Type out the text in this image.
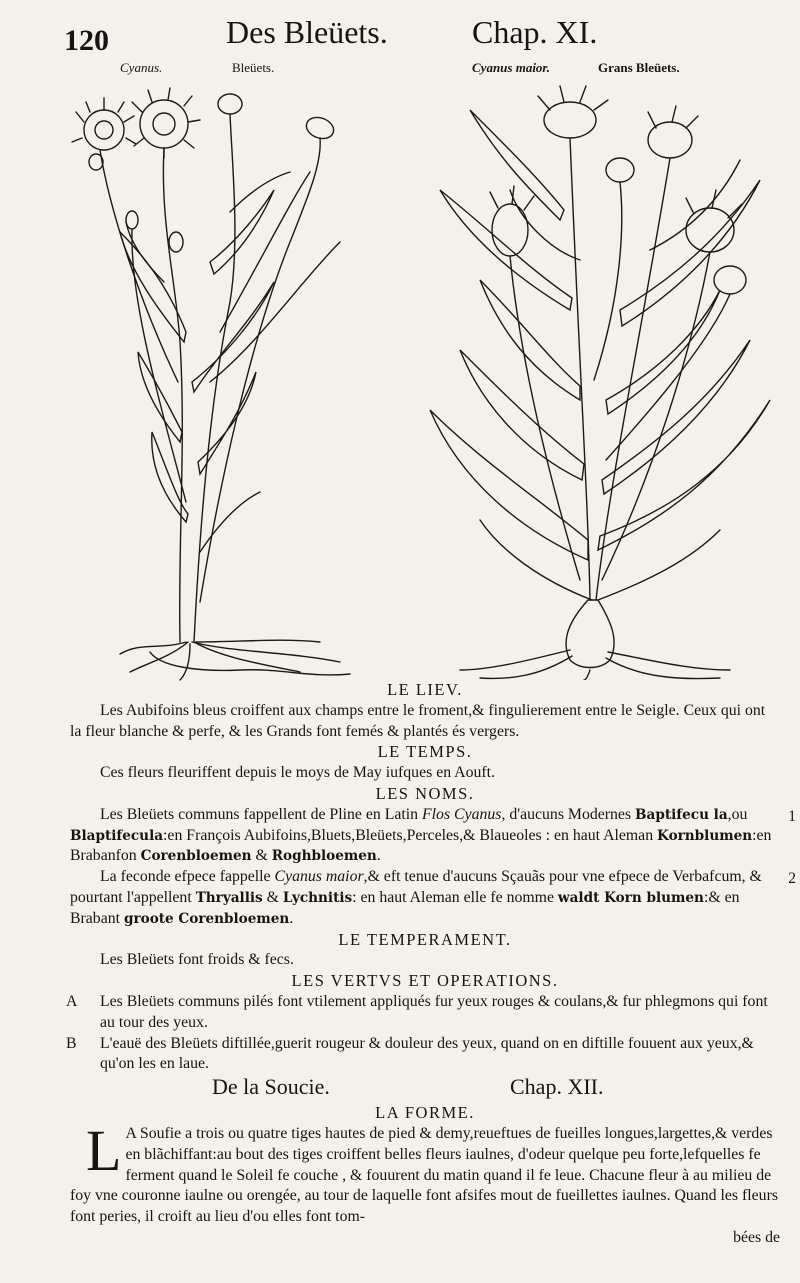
120	Des Bleüets.	Chap. XI.
Cyanus.	Bleüets.	Cyanus maior.	Grans Bleüets.

LE LIEV.

Les Aubifoins bleus croiffent aux champs entre le froment,& fingulierement entre le Seigle. Ceux qui ont la fleur blanche & perfe, & les Grands font femés & plantés és vergers.

LE TEMPS.

Ces fleurs fleuriffent depuis le moys de May iufques en Aouft.

LES NOMS.

Les Bleüets communs fappellent de Pline en Latin Flos Cyanus, d'aucuns Modernes Baptifecu la,ou Blaptifecula:en François Aubifoins,Bluets,Bleüets,Perceles,& Blaueoles : en haut Aleman Kornblumen:en Brabanfon Corenbloemen & Roghbloemen.
1

La feconde efpece fappelle Cyanus maior,& eft tenue d'aucuns Sçauãs pour vne efpece de Verbafcum, & pourtant l'appellent Thryallis & Lychnitis: en haut Aleman elle fe nomme waldt Korn blumen:& en Brabant groote Corenbloemen.
2

LE TEMPERAMENT.

Les Bleüets font froids & fecs.

LES VERTVS ET OPERATIONS.

A Les Bleüets communs pilés font vtilement appliqués fur yeux rouges & coulans,& fur phlegmons qui font au tour des yeux.

B L'eauë des Bleüets diftillée,guerit rougeur & douleur des yeux, quand on en diftille fouuent aux yeux,& qu'on les en laue.

De la Soucie.	Chap. XII.

LA FORME.

L A Soufie a trois ou quatre tiges hautes de pied & demy,reueftues de fueilles longues,largettes,& verdes en blãchiffant:au bout des tiges croiffent belles fleurs iaulnes, d'odeur quelque peu forte,lefquelles fe ferment quand le Soleil fe couche , & fouurent du matin quand il fe leue. Chacune fleur à au milieu de foy vne couronne iaulne ou orengée, au tour de laquelle font afsifes mout de fueillettes iaulnes. Quand les fleurs font peries, il croift au lieu d'ou elles font tom-

bées de
